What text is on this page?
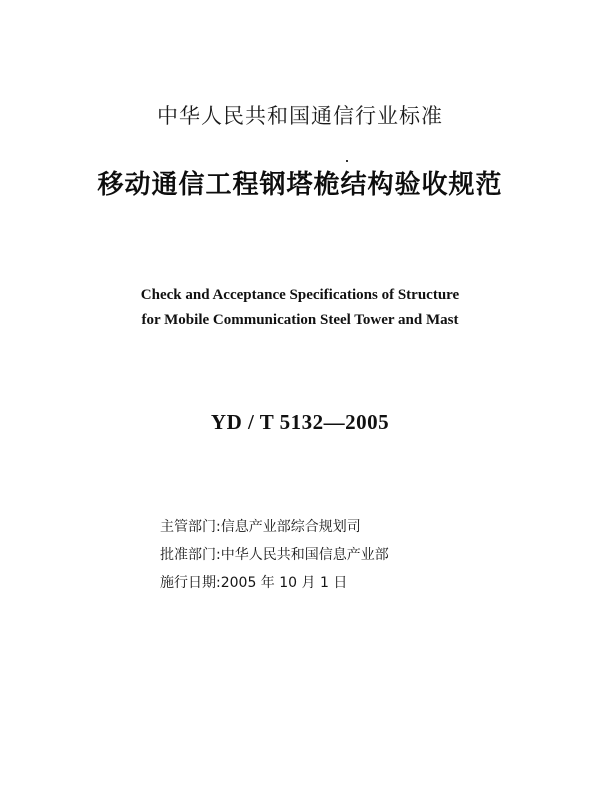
中华人民共和国通信行业标准
移动通信工程钢塔桅结构验收规范
Check and Acceptance Specifications of Structure
for Mobile Communication Steel Tower and Mast
YD / T 5132—2005
主管部门:信息产业部综合规划司
批准部门:中华人民共和国信息产业部
施行日期:2005 年 10 月 1 日
